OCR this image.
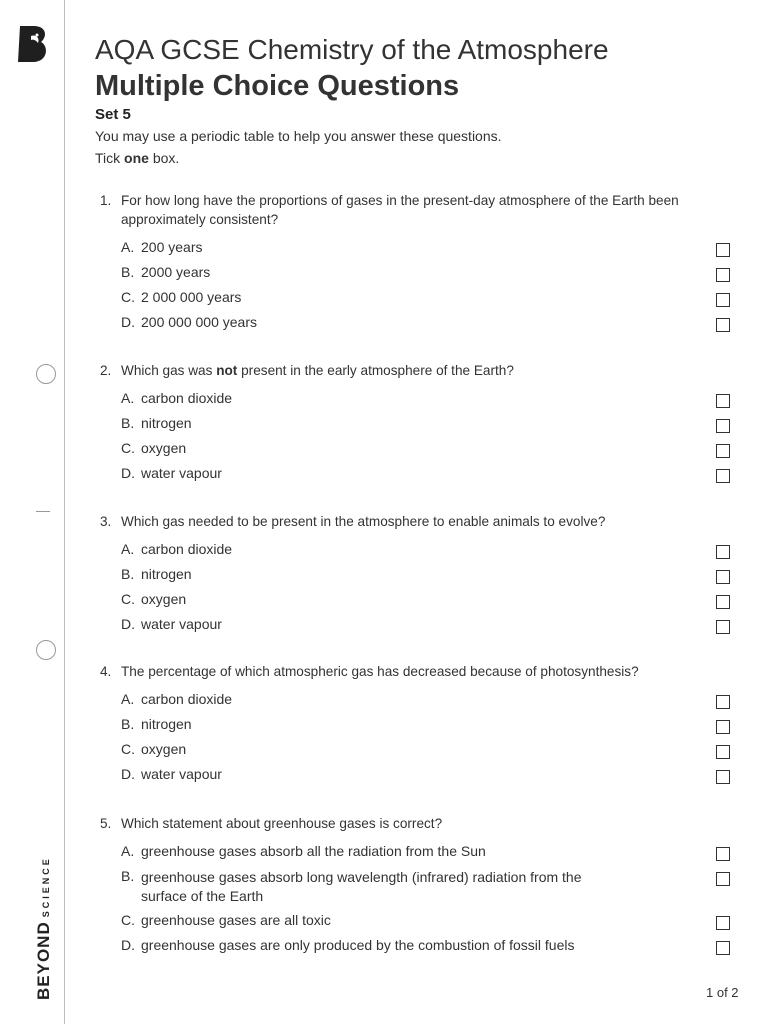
BEYONDSCIENCE
AQA GCSE Chemistry of the Atmosphere
Multiple Choice Questions
Set 5
You may use a periodic table to help you answer these questions.
Tick one box.
1. For how long have the proportions of gases in the present-day atmosphere of the Earth been approximately consistent?
A. 200 years
B. 2000 years
C. 2 000 000 years
D. 200 000 000 years
2. Which gas was not present in the early atmosphere of the Earth?
A. carbon dioxide
B. nitrogen
C. oxygen
D. water vapour
3. Which gas needed to be present in the atmosphere to enable animals to evolve?
A. carbon dioxide
B. nitrogen
C. oxygen
D. water vapour
4. The percentage of which atmospheric gas has decreased because of photosynthesis?
A. carbon dioxide
B. nitrogen
C. oxygen
D. water vapour
5. Which statement about greenhouse gases is correct?
A. greenhouse gases absorb all the radiation from the Sun
B. greenhouse gases absorb long wavelength (infrared) radiation from the surface of the Earth
C. greenhouse gases are all toxic
D. greenhouse gases are only produced by the combustion of fossil fuels
1 of 2
